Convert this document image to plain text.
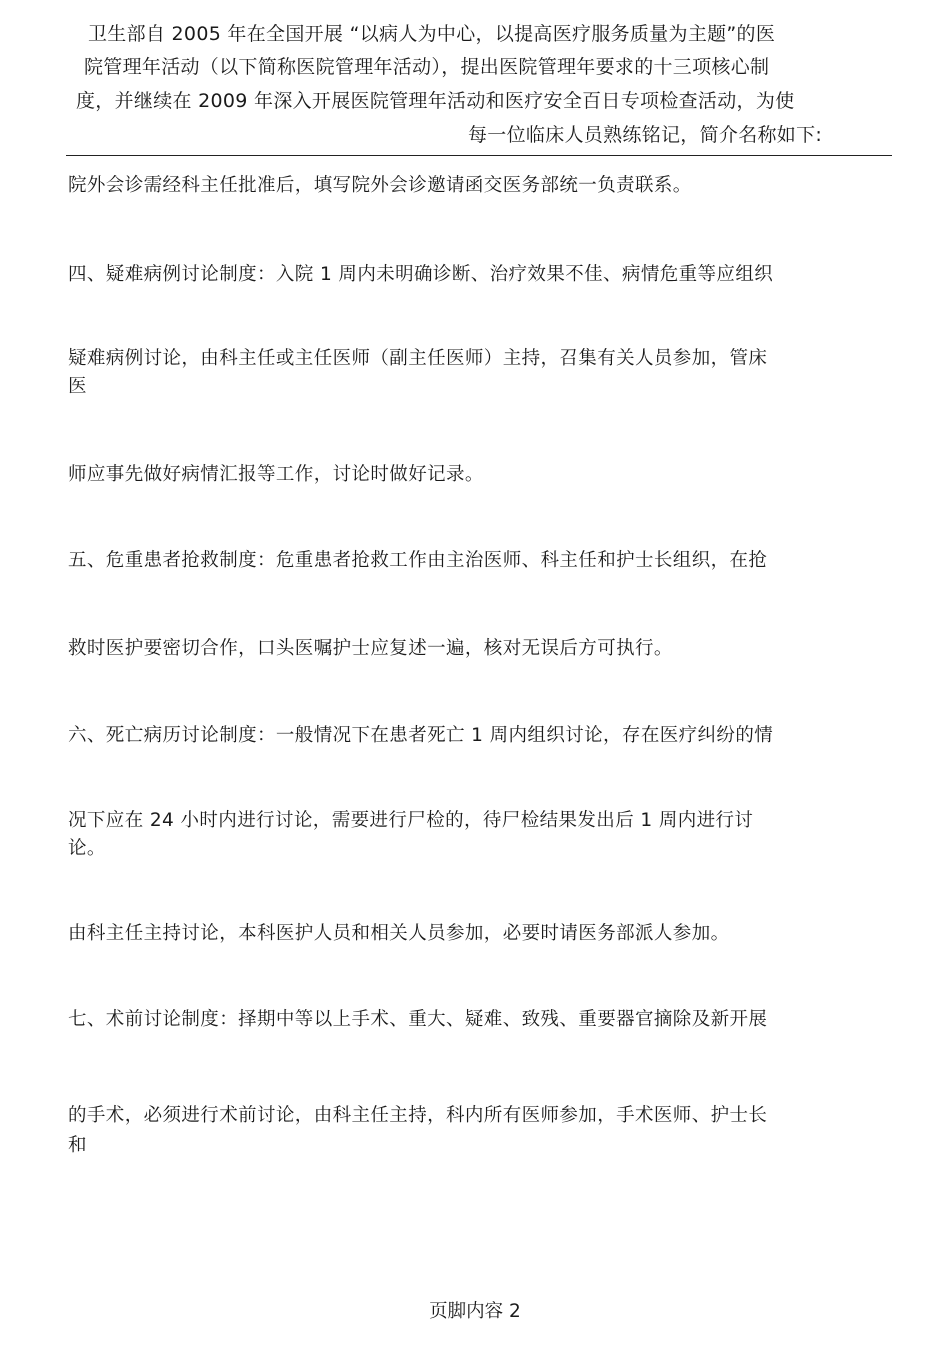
卫生部自 2005 年在全国开展 “以病人为中心，以提高医疗服务质量为主题”的医
院管理年活动（以下简称医院管理年活动），提出医院管理年要求的十三项核心制
度，并继续在 2009 年深入开展医院管理年活动和医疗安全百日专项检查活动，为使
每一位临床人员熟练铭记，简介名称如下:
院外会诊需经科主任批准后，填写院外会诊邀请函交医务部统一负责联系。
四、疑难病例讨论制度：入院 1 周内未明确诊断、治疗效果不佳、病情危重等应组织
疑难病例讨论，由科主任或主任医师（副主任医师）主持，召集有关人员参加，管床
医
师应事先做好病情汇报等工作，讨论时做好记录。
五、危重患者抢救制度：危重患者抢救工作由主治医师、科主任和护士长组织，在抢
救时医护要密切合作，口头医嘱护士应复述一遍，核对无误后方可执行。
六、死亡病历讨论制度：一般情况下在患者死亡 1 周内组织讨论，存在医疗纠纷的情
况下应在 24 小时内进行讨论，需要进行尸检的，待尸检结果发出后 1 周内进行讨
论。
由科主任主持讨论，本科医护人员和相关人员参加，必要时请医务部派人参加。
七、术前讨论制度：择期中等以上手术、重大、疑难、致残、重要器官摘除及新开展
的手术，必须进行术前讨论，由科主任主持，科内所有医师参加，手术医师、护士长
和
页脚内容 2
